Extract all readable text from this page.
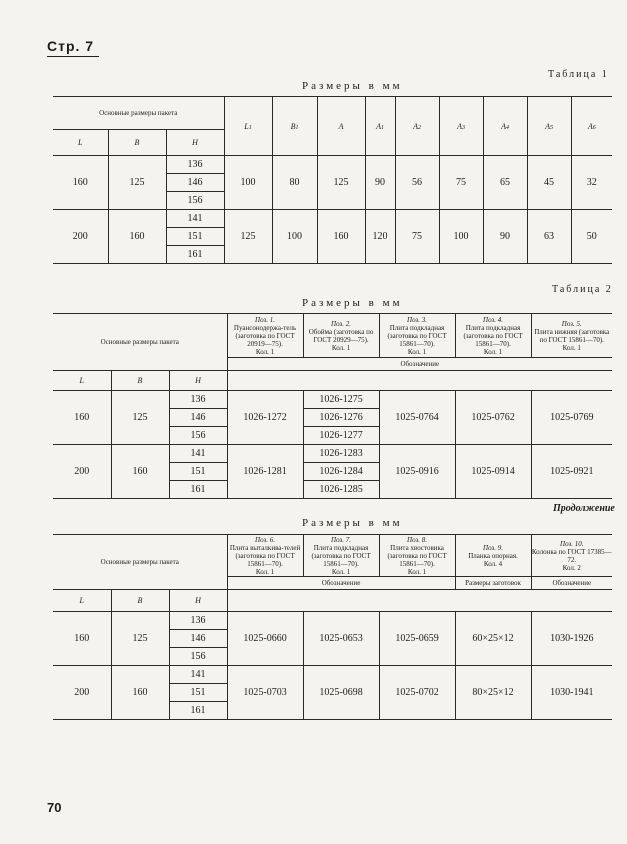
Стр. 7
Таблица 1
Размеры в мм
Основные размеры пакета			L1	B1	A	A1	A2	A3	A4	A5	A6
L	B	H									
160	125	136	100	80	125	90	56	75	65	45	32
		146									
		156									
200	160	141	125	100	160	120	75	100	90	63	50
		151									
		161									
Таблица 2
Размеры в мм
Основные размеры пакета			Поз. 1.
Пуансонодержа-тель (заготовка по ГОСТ 20919—75).
Кол. 1	Поз. 2.
Обойма (заготовка по ГОСТ 20929—75).
Кол. 1	Поз. 3.
Плита подкладная (заготовка по ГОСТ 15861—70).
Кол. 1	Поз. 4.
Плита подкладная (заготовка по ГОСТ 15861—70).
Кол. 1	Поз. 5.
Плита нижняя (заготовка по ГОСТ 15861—70).
Кол. 1
			Обозначение				
L	B	H					
160	125	136	1026-1272	1026-1275	1025-0764	1025-0762	1025-0769
		146		1026-1276			
		156		1026-1277			
200	160	141	1026-1281	1026-1283	1025-0916	1025-0914	1025-0921
		151		1026-1284			
		161		1026-1285			
Продолжение
Размеры в мм
Основные размеры пакета			Поз. 6.
Плита выталкива-телей (заготовка по ГОСТ 15861—70).
Кол. 1	Поз. 7.
Плита подкладная (заготовка по ГОСТ 15861—70).
Кол. 1	Поз. 8.
Плита хвостовика (заготовка по ГОСТ 15861—70).
Кол. 1	Поз. 9.
Планка опорная.
Кол. 4	Поз. 10.
Колонка по ГОСТ 17385—72.
Кол. 2
			Обозначение			Размеры заготовок	Обозначение
L	B	H					
160	125	136	1025-0660	1025-0653	1025-0659	60×25×12	1030-1926
		146					
		156					
200	160	141	1025-0703	1025-0698	1025-0702	80×25×12	1030-1941
		151					
		161					
70
